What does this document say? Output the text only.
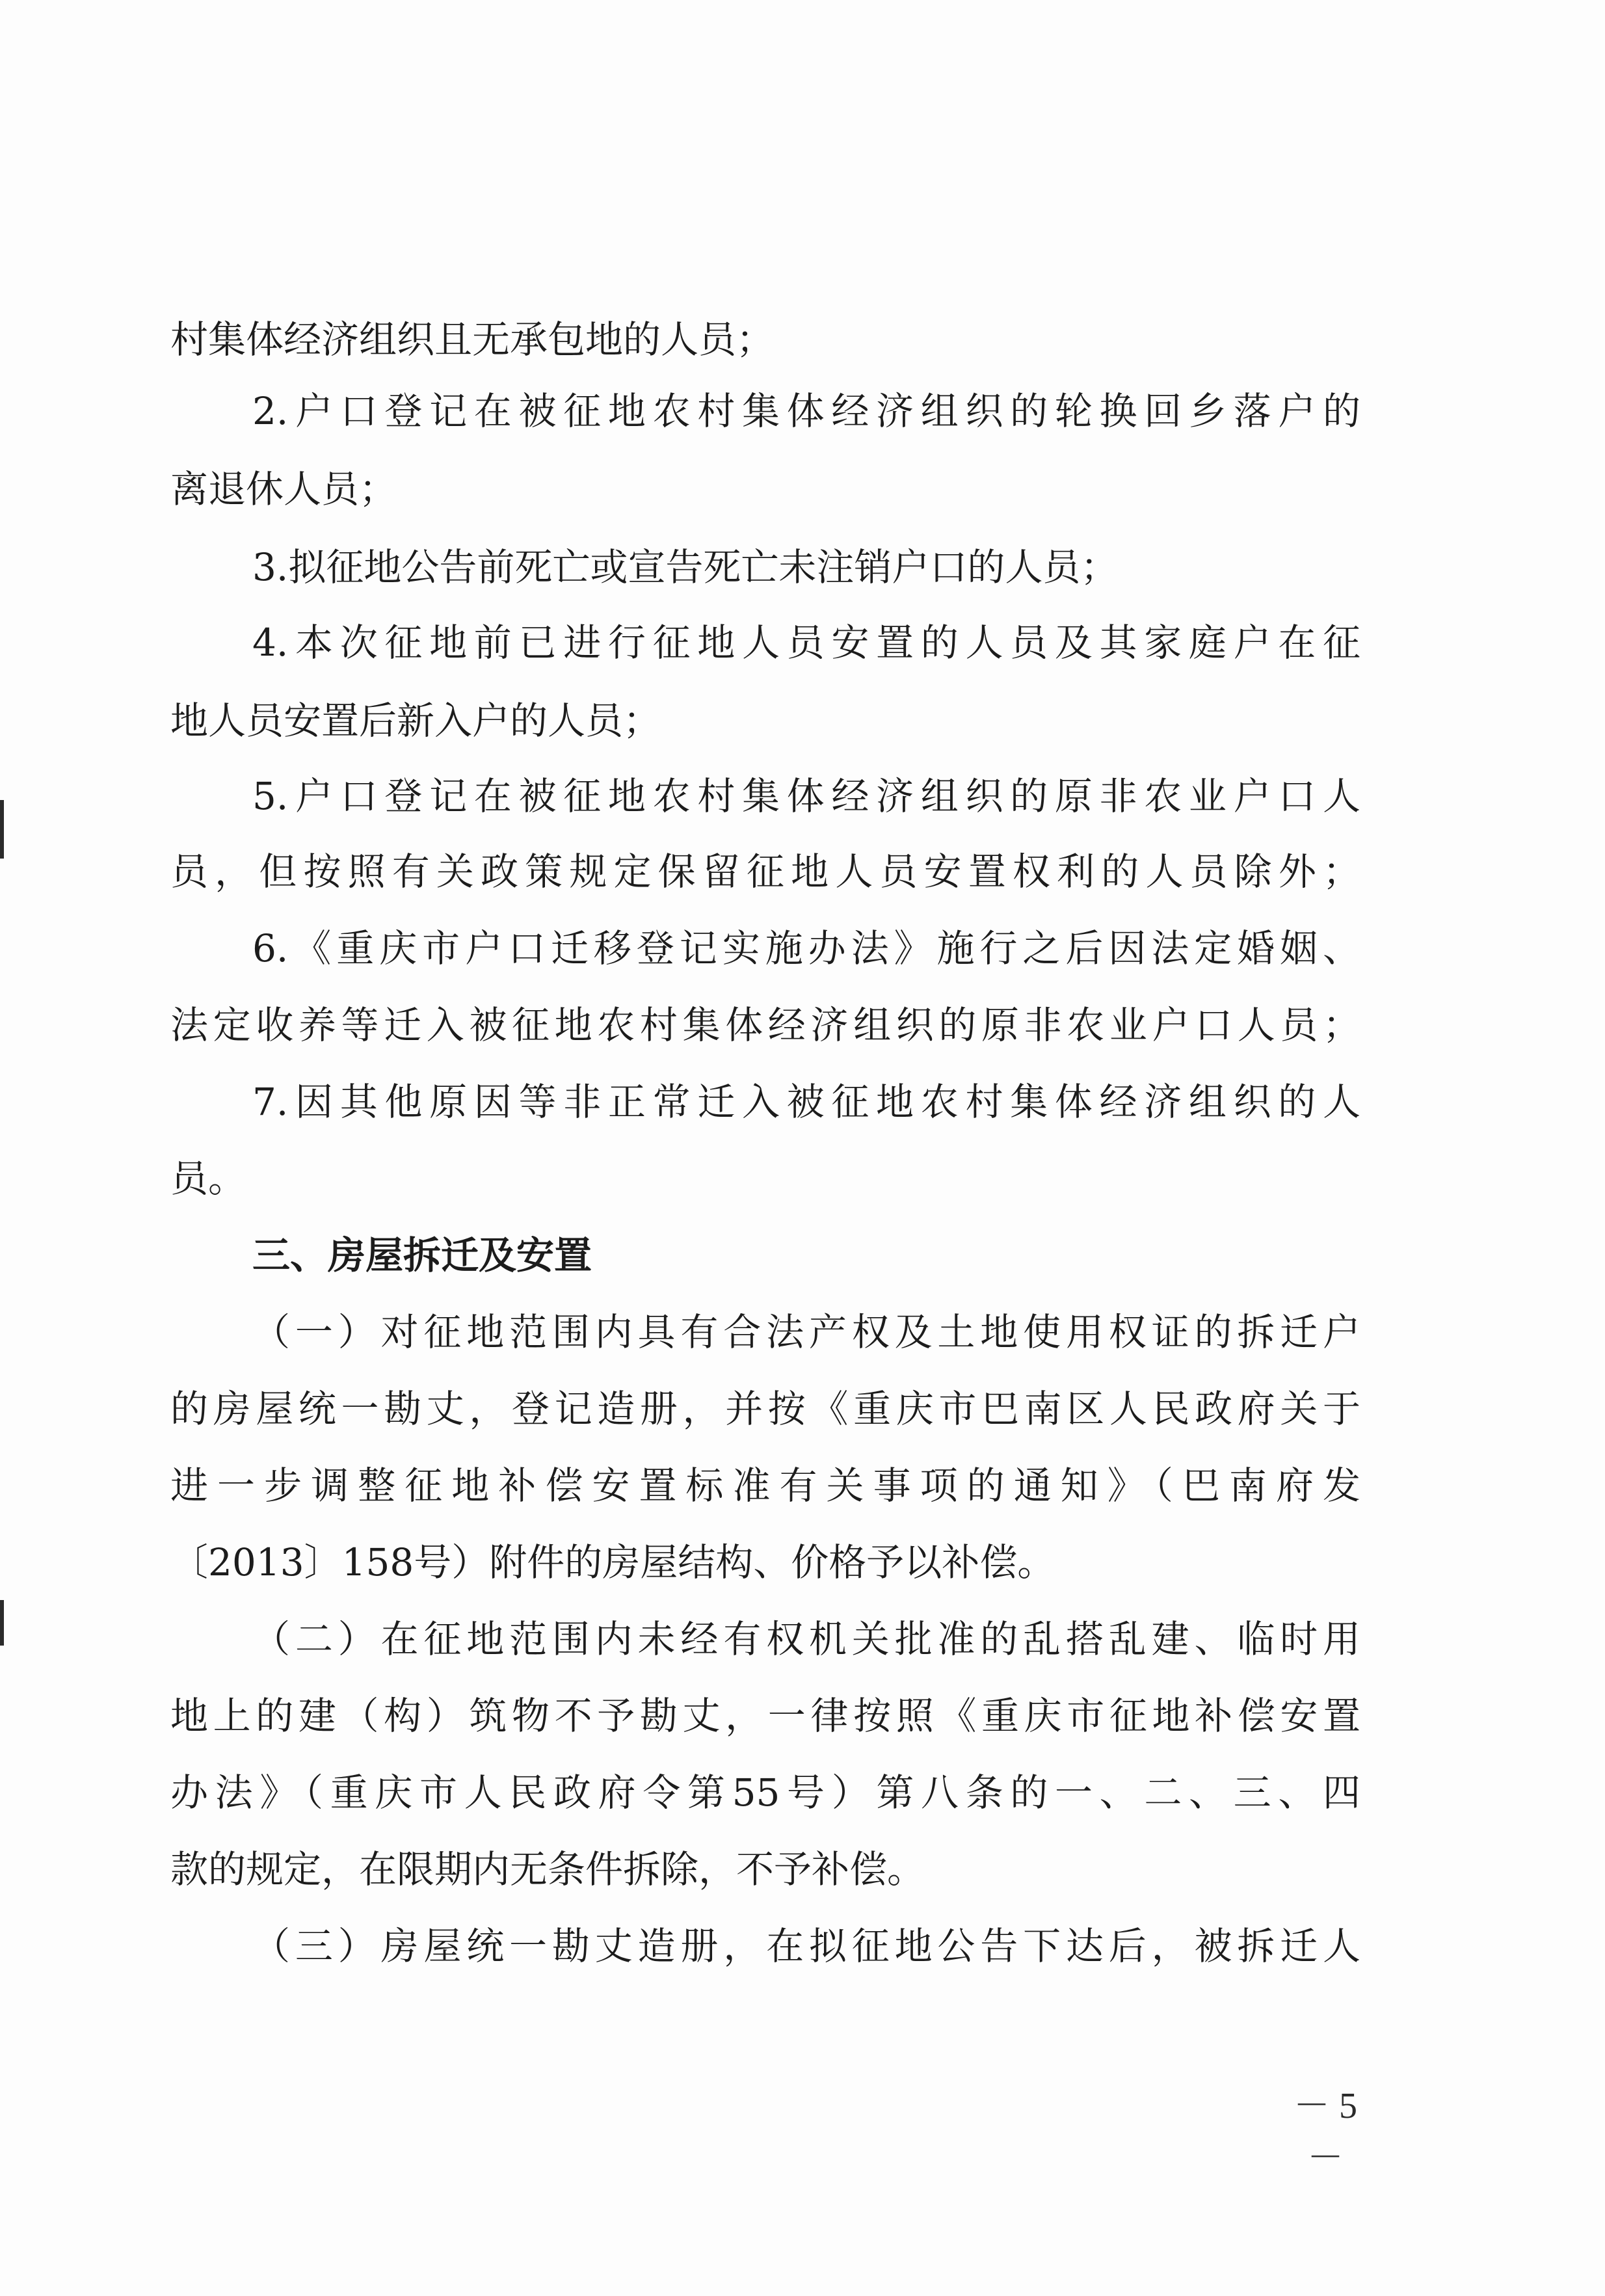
村集体经济组织且无承包地的人员；
2.户口登记在被征地农村集体经济组织的轮换回乡落户的
离退休人员；
3.拟征地公告前死亡或宣告死亡未注销户口的人员；
4.本次征地前已进行征地人员安置的人员及其家庭户在征
地人员安置后新入户的人员；
5.户口登记在被征地农村集体经济组织的原非农业户口人
员，但按照有关政策规定保留征地人员安置权利的人员除外；
6.《重庆市户口迁移登记实施办法》施行之后因法定婚姻、
法定收养等迁入被征地农村集体经济组织的原非农业户口人员；
7.因其他原因等非正常迁入被征地农村集体经济组织的人
员。
三、房屋拆迁及安置
（一）对征地范围内具有合法产权及土地使用权证的拆迁户
的房屋统一勘丈，登记造册，并按《重庆市巴南区人民政府关于
进一步调整征地补偿安置标准有关事项的通知》（巴南府发
〔2013〕158号）附件的房屋结构、价格予以补偿。
（二）在征地范围内未经有权机关批准的乱搭乱建、临时用
地上的建（构）筑物不予勘丈，一律按照《重庆市征地补偿安置
办法》（重庆市人民政府令第55号）第八条的一、二、三、四
款的规定，在限期内无条件拆除，不予补偿。
（三）房屋统一勘丈造册，在拟征地公告下达后，被拆迁人
－ 5 －
